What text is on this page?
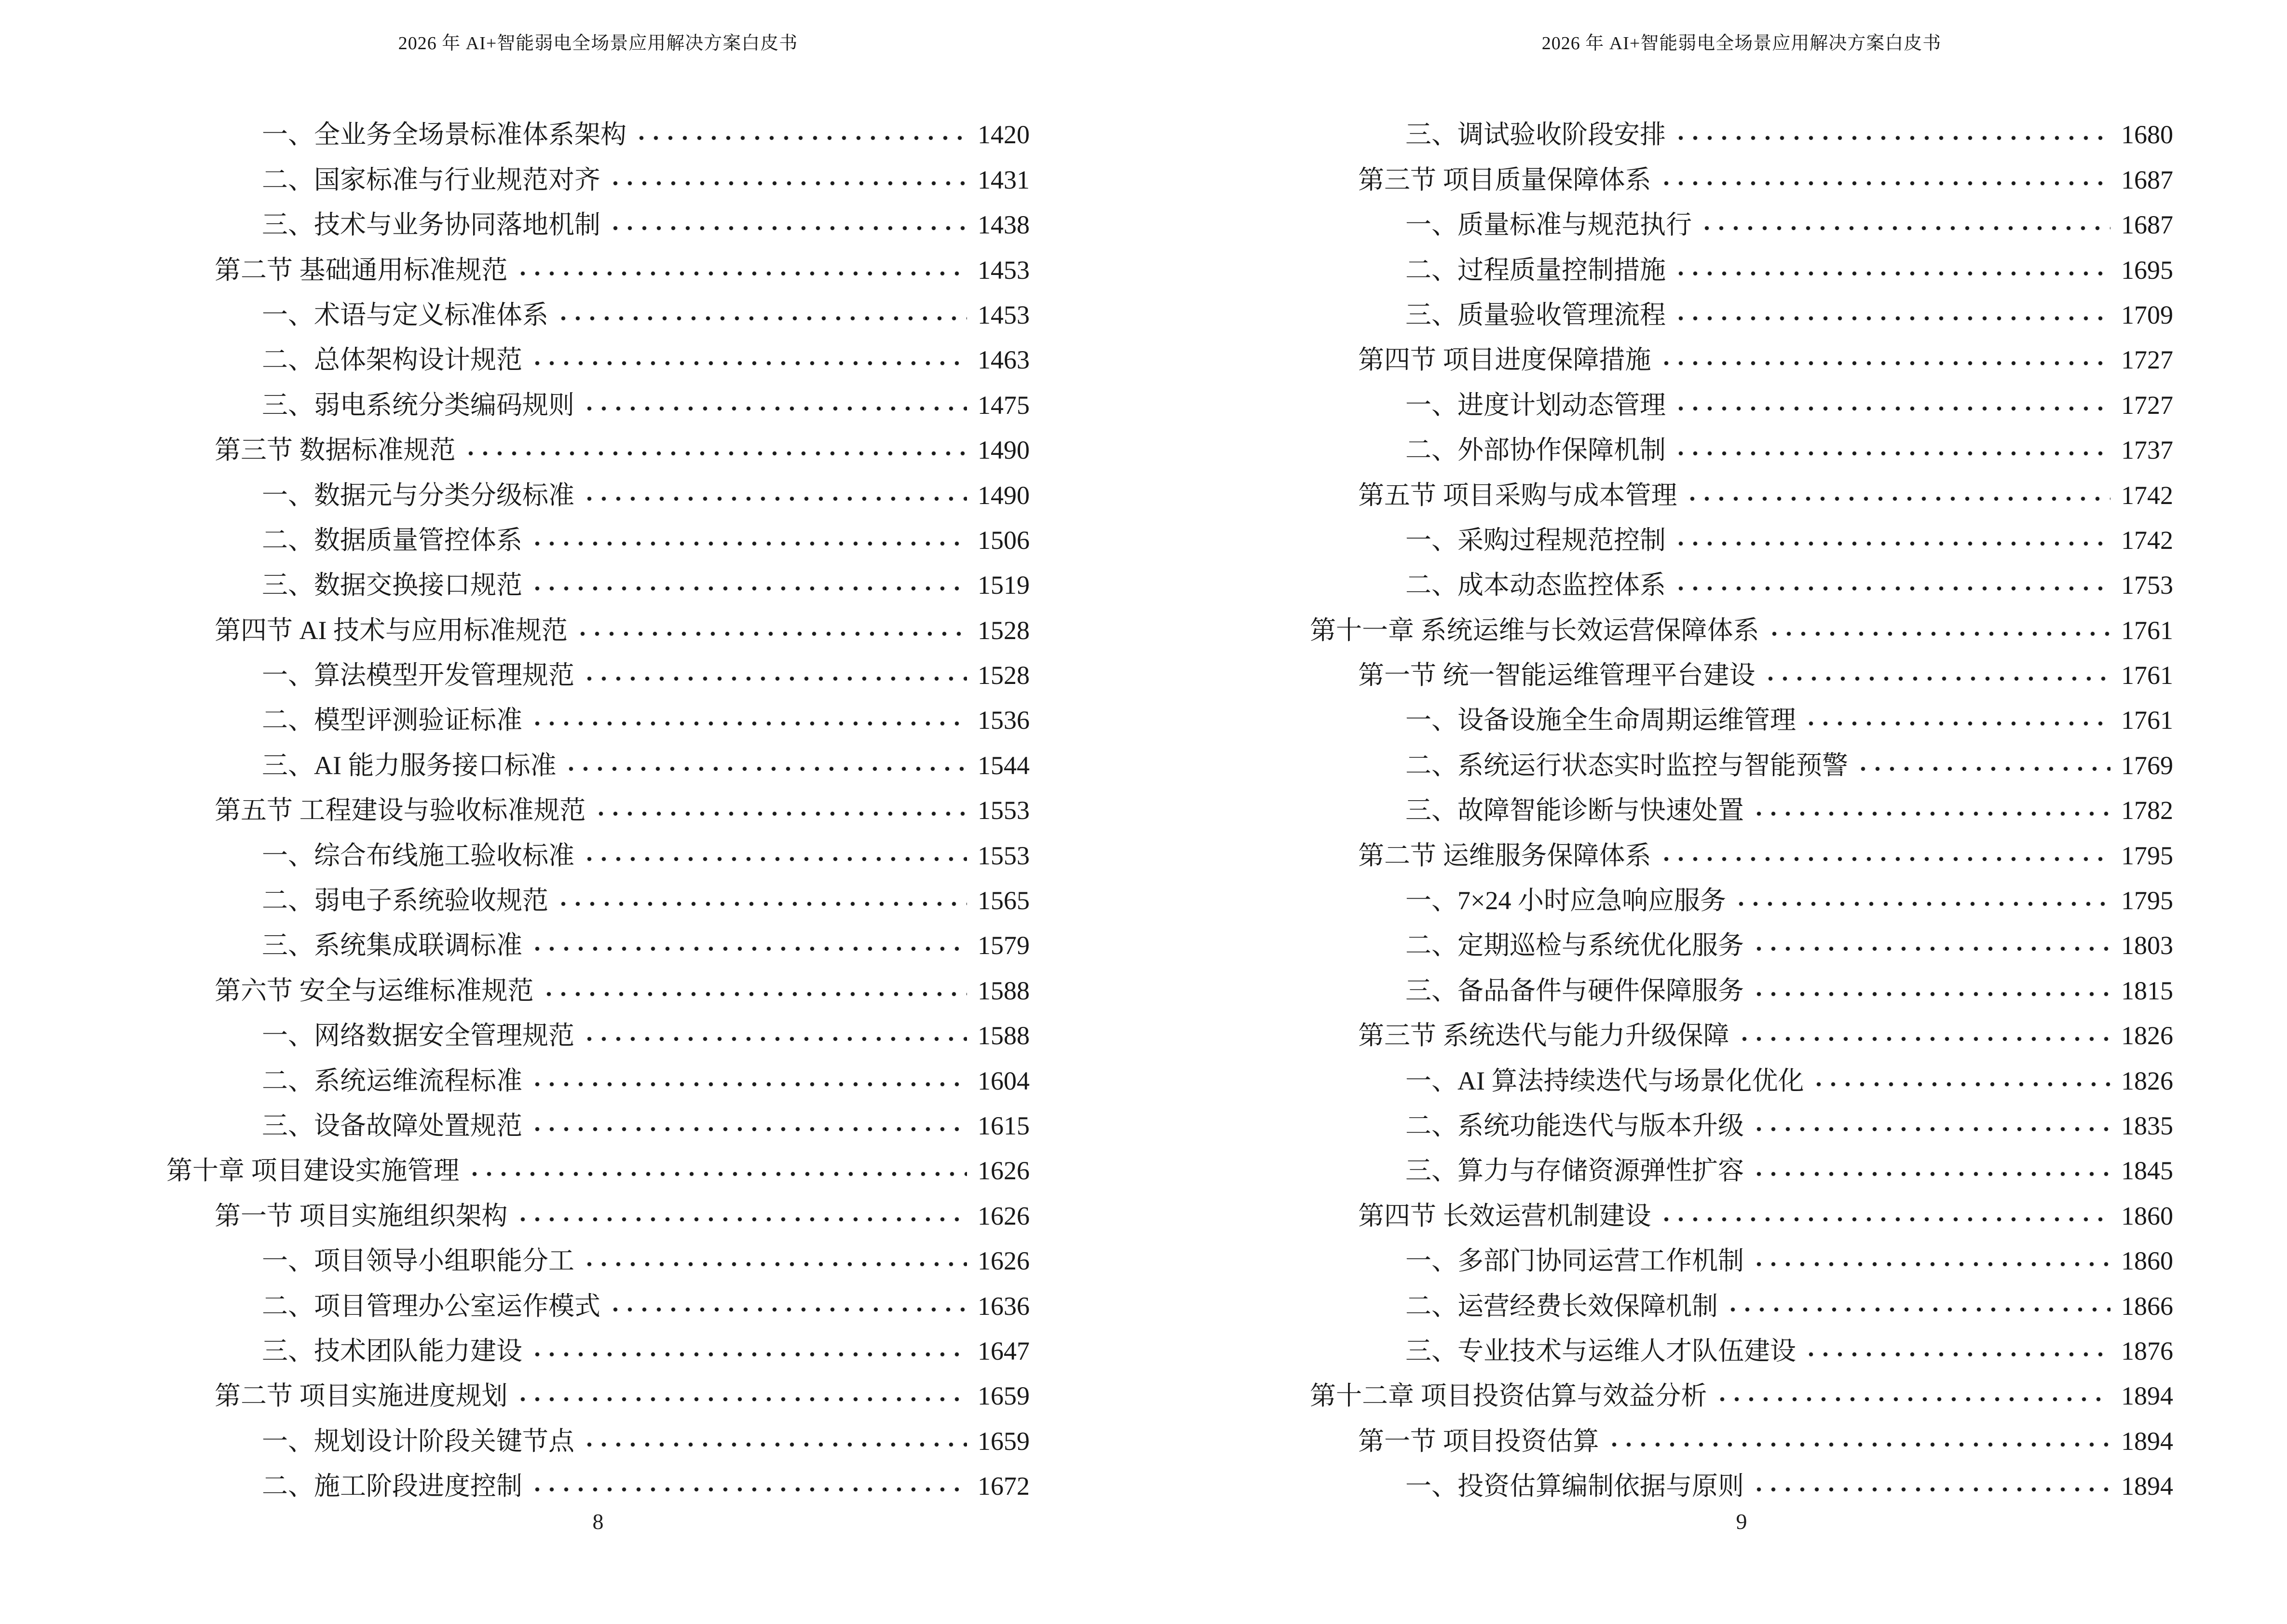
2026 年 AI+智能弱电全场景应用解决方案白皮书
一、全业务全场景标准体系架构	1420
二、国家标准与行业规范对齐	1431
三、技术与业务协同落地机制	1438
第二节 基础通用标准规范	1453
一、术语与定义标准体系	1453
二、总体架构设计规范	1463
三、弱电系统分类编码规则	1475
第三节 数据标准规范	1490
一、数据元与分类分级标准	1490
二、数据质量管控体系	1506
三、数据交换接口规范	1519
第四节 AI 技术与应用标准规范	1528
一、算法模型开发管理规范	1528
二、模型评测验证标准	1536
三、AI 能力服务接口标准	1544
第五节 工程建设与验收标准规范	1553
一、综合布线施工验收标准	1553
二、弱电子系统验收规范	1565
三、系统集成联调标准	1579
第六节 安全与运维标准规范	1588
一、网络数据安全管理规范	1588
二、系统运维流程标准	1604
三、设备故障处置规范	1615
第十章 项目建设实施管理	1626
第一节 项目实施组织架构	1626
一、项目领导小组职能分工	1626
二、项目管理办公室运作模式	1636
三、技术团队能力建设	1647
第二节 项目实施进度规划	1659
一、规划设计阶段关键节点	1659
二、施工阶段进度控制	1672
8
2026 年 AI+智能弱电全场景应用解决方案白皮书
三、调试验收阶段安排	1680
第三节 项目质量保障体系	1687
一、质量标准与规范执行	1687
二、过程质量控制措施	1695
三、质量验收管理流程	1709
第四节 项目进度保障措施	1727
一、进度计划动态管理	1727
二、外部协作保障机制	1737
第五节 项目采购与成本管理	1742
一、采购过程规范控制	1742
二、成本动态监控体系	1753
第十一章 系统运维与长效运营保障体系	1761
第一节 统一智能运维管理平台建设	1761
一、设备设施全生命周期运维管理	1761
二、系统运行状态实时监控与智能预警	1769
三、故障智能诊断与快速处置	1782
第二节 运维服务保障体系	1795
一、7×24 小时应急响应服务	1795
二、定期巡检与系统优化服务	1803
三、备品备件与硬件保障服务	1815
第三节 系统迭代与能力升级保障	1826
一、AI 算法持续迭代与场景化优化	1826
二、系统功能迭代与版本升级	1835
三、算力与存储资源弹性扩容	1845
第四节 长效运营机制建设	1860
一、多部门协同运营工作机制	1860
二、运营经费长效保障机制	1866
三、专业技术与运维人才队伍建设	1876
第十二章 项目投资估算与效益分析	1894
第一节 项目投资估算	1894
一、投资估算编制依据与原则	1894
9
